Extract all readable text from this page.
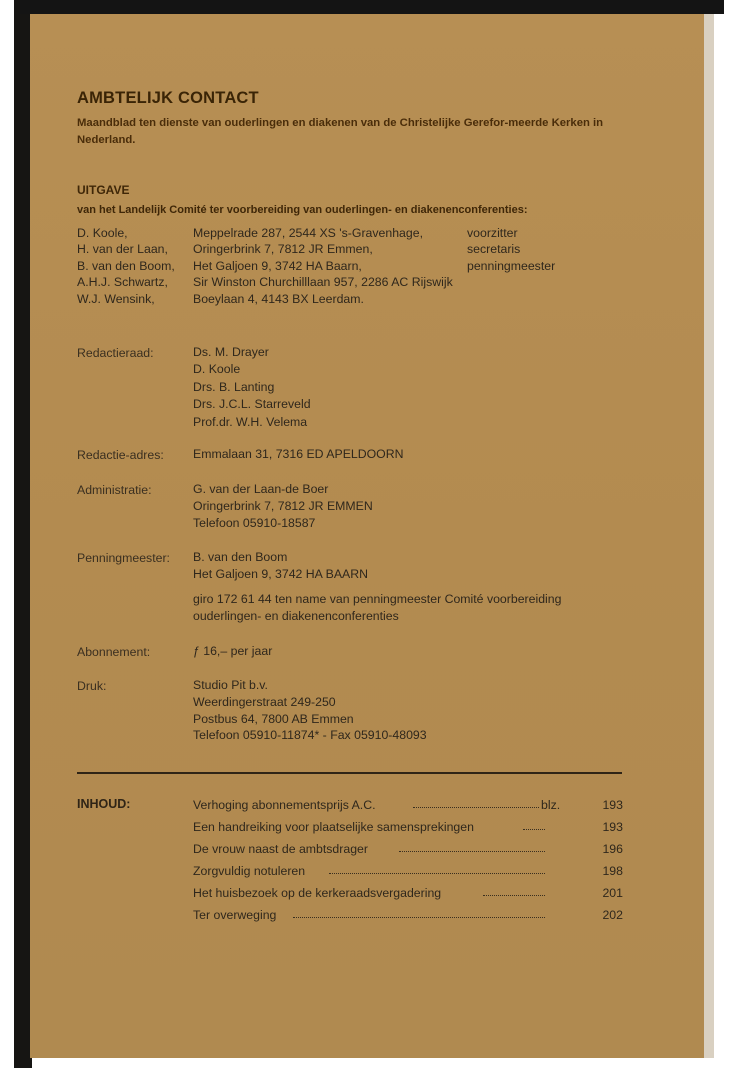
AMBTELIJK CONTACT
Maandblad ten dienste van ouderlingen en diakenen van de Christelijke Gerefor-meerde Kerken in Nederland.
UITGAVE
van het Landelijk Comité ter voorbereiding van ouderlingen- en diakenenconferenties:
D. Koole,	Meppelrade 287, 2544 XS 's-Gravenhage,	voorzitter
H. van der Laan,	Oringerbrink 7, 7812 JR Emmen,	secretaris
B. van den Boom,	Het Galjoen 9, 3742 HA Baarn,	penningmeester
A.H.J. Schwartz,	Sir Winston Churchilllaan 957, 2286 AC Rijswijk
W.J. Wensink,	Boeylaan 4, 4143 BX Leerdam.
Redactieraad:	Ds. M. Drayer
D. Koole
Drs. B. Lanting
Drs. J.C.L. Starreveld
Prof.dr. W.H. Velema
Redactie-adres: Emmalaan 31, 7316 ED APELDOORN
Administratie:	G. van der Laan-de Boer
Oringerbrink 7, 7812 JR EMMEN
Telefoon 05910-18587
Penningmeester: B. van den Boom
Het Galjoen 9, 3742 HA BAARN
giro 172 61 44 ten name van penningmeester Comité voorbereiding
ouderlingen- en diakenenconferenties
Abonnement:	ƒ 16,– per jaar
Druk:	Studio Pit b.v.
Weerdingerstraat 249-250
Postbus 64, 7800 AB Emmen
Telefoon 05910-11874* - Fax 05910-48093
INHOUD:	Verhoging abonnementsprijs A.C.	blz.	193
Een handreiking voor plaatselijke samensprekingen	193
De vrouw naast de ambtsdrager	196
Zorgvuldig notuleren	198
Het huisbezoek op de kerkeraadsvergadering	201
Ter overweging	202
